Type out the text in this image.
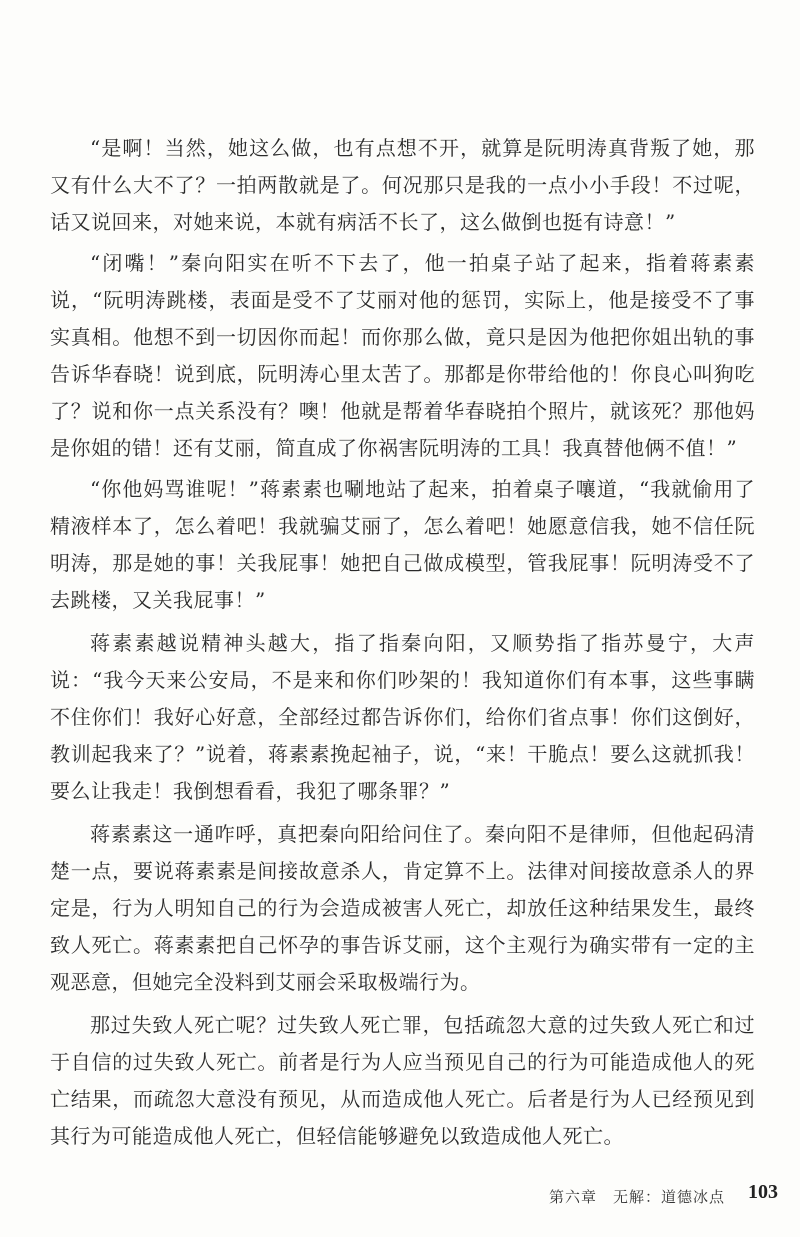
“是啊！当然，她这么做，也有点想不开，就算是阮明涛真背叛了她，那又有什么大不了？一拍两散就是了。何况那只是我的一点小小手段！不过呢，话又说回来，对她来说，本就有病活不长了，这么做倒也挺有诗意！”

“闭嘴！”秦向阳实在听不下去了，他一拍桌子站了起来，指着蒋素素说，“阮明涛跳楼，表面是受不了艾丽对他的惩罚，实际上，他是接受不了事实真相。他想不到一切因你而起！而你那么做，竟只是因为他把你姐出轨的事告诉华春晓！说到底，阮明涛心里太苦了。那都是你带给他的！你良心叫狗吃了？说和你一点关系没有？噢！他就是帮着华春晓拍个照片，就该死？那他妈是你姐的错！还有艾丽，简直成了你祸害阮明涛的工具！我真替他俩不值！”

“你他妈骂谁呢！”蒋素素也唰地站了起来，拍着桌子嚷道，“我就偷用了精液样本了，怎么着吧！我就骗艾丽了，怎么着吧！她愿意信我，她不信任阮明涛，那是她的事！关我屁事！她把自己做成模型，管我屁事！阮明涛受不了去跳楼，又关我屁事！”

蒋素素越说精神头越大，指了指秦向阳，又顺势指了指苏曼宁，大声说：“我今天来公安局，不是来和你们吵架的！我知道你们有本事，这些事瞒不住你们！我好心好意，全部经过都告诉你们，给你们省点事！你们这倒好，教训起我来了？”说着，蒋素素挽起袖子，说，“来！干脆点！要么这就抓我！要么让我走！我倒想看看，我犯了哪条罪？”

蒋素素这一通咋呼，真把秦向阳给问住了。秦向阳不是律师，但他起码清楚一点，要说蒋素素是间接故意杀人，肯定算不上。法律对间接故意杀人的界定是，行为人明知自己的行为会造成被害人死亡，却放任这种结果发生，最终致人死亡。蒋素素把自己怀孕的事告诉艾丽，这个主观行为确实带有一定的主观恶意，但她完全没料到艾丽会采取极端行为。

那过失致人死亡呢？过失致人死亡罪，包括疏忽大意的过失致人死亡和过于自信的过失致人死亡。前者是行为人应当预见自己的行为可能造成他人的死亡结果，而疏忽大意没有预见，从而造成他人死亡。后者是行为人已经预见到其行为可能造成他人死亡，但轻信能够避免以致造成他人死亡。

第六章　无解：道德冰点 103
